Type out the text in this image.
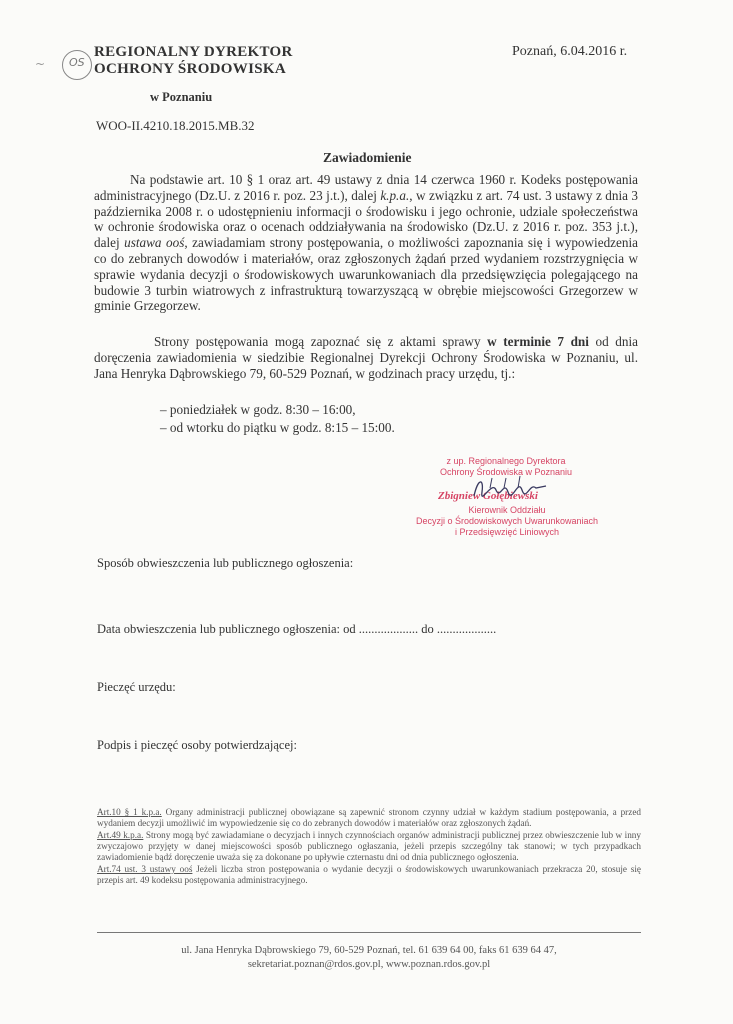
~ OS
REGIONALNY DYREKTOR
OCHRONY ŚRODOWISKA
w Poznaniu
Poznań, 6.04.2016 r.
WOO-II.4210.18.2015.MB.32
Zawiadomienie
Na podstawie art. 10 § 1 oraz art. 49 ustawy z dnia 14 czerwca 1960 r. Kodeks postępowania administracyjnego (Dz.U. z 2016 r. poz. 23 j.t.), dalej k.p.a., w związku z art. 74 ust. 3 ustawy z dnia 3 października 2008 r. o udostępnieniu informacji o środowisku i jego ochronie, udziale społeczeństwa w ochronie środowiska oraz o ocenach oddziaływania na środowisko (Dz.U. z 2016 r. poz. 353 j.t.), dalej ustawa ooś, zawiadamiam strony postępowania, o możliwości zapoznania się i wypowiedzenia co do zebranych dowodów i materiałów, oraz zgłoszonych żądań przed wydaniem rozstrzygnięcia w sprawie wydania decyzji o środowiskowych uwarunkowaniach dla przedsięwzięcia polegającego na budowie 3 turbin wiatrowych z infrastrukturą towarzyszącą w obrębie miejscowości Grzegorzew w gminie Grzegorzew.
Strony postępowania mogą zapoznać się z aktami sprawy w terminie 7 dni od dnia doręczenia zawiadomienia w siedzibie Regionalnej Dyrekcji Ochrony Środowiska w Poznaniu, ul. Jana Henryka Dąbrowskiego 79, 60-529 Poznań, w godzinach pracy urzędu, tj.:
– poniedziałek w godz. 8:30 – 16:00,
– od wtorku do piątku w godz. 8:15 – 15:00.
z up. Regionalnego Dyrektora
Ochrony Środowiska w Poznaniu
Zbigniew Gołębiewski
Kierownik Oddziału
Decyzji o Środowiskowych Uwarunkowaniach
i Przedsięwzięć Liniowych
Sposób obwieszczenia lub publicznego ogłoszenia:
Data obwieszczenia lub publicznego ogłoszenia: od ................... do ...................
Pieczęć urzędu:
Podpis i pieczęć osoby potwierdzającej:

Art.10 § 1 k.p.a. Organy administracji publicznej obowiązane są zapewnić stronom czynny udział w każdym stadium postępowania, a przed wydaniem decyzji umożliwić im wypowiedzenie się co do zebranych dowodów i materiałów oraz zgłoszonych żądań.

Art.49 k.p.a. Strony mogą być zawiadamiane o decyzjach i innych czynnościach organów administracji publicznej przez obwieszczenie lub w inny zwyczajowo przyjęty w danej miejscowości sposób publicznego ogłaszania, jeżeli przepis szczególny tak stanowi; w tych przypadkach zawiadomienie bądź doręczenie uważa się za dokonane po upływie czternastu dni od dnia publicznego ogłoszenia.

Art.74 ust. 3 ustawy ooś Jeżeli liczba stron postępowania o wydanie decyzji o środowiskowych uwarunkowaniach przekracza 20, stosuje się przepis art. 49 kodeksu postępowania administracyjnego.

ul. Jana Henryka Dąbrowskiego 79, 60-529 Poznań, tel. 61 639 64 00, faks 61 639 64 47,
sekretariat.poznan@rdos.gov.pl, www.poznan.rdos.gov.pl
